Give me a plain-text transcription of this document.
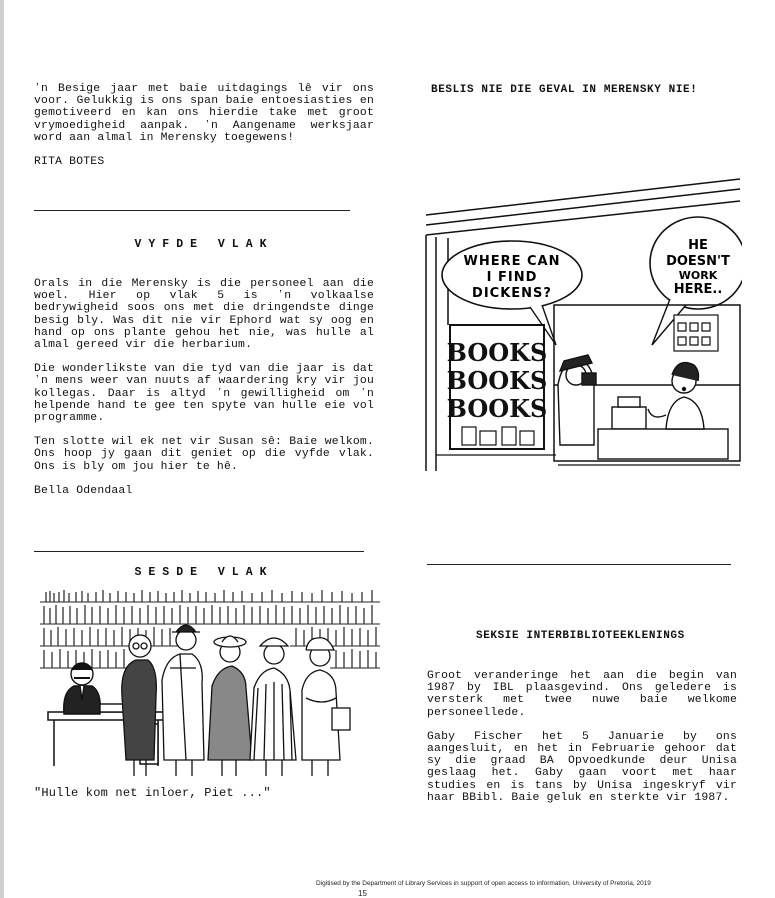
ʼn Besige jaar met baie uitdagings lê vir ons voor. Gelukkig is ons span baie entoesiasties en gemotiveerd en kan ons hierdie take met groot vrymoedigheid aanpak. ʼn Aangename werksjaar word aan almal in Merensky toegewens!

RITA BOTES

VYFDE VLAK

Orals in die Merensky is die personeel aan die woel. Hier op vlak 5 is ʼn volkaalse bedrywigheid soos ons met die dringendste dinge besig bly. Was dit nie vir Ephord wat sy oog en hand op ons plante gehou het nie, was hulle al almal gereed vir die herbarium.

Die wonderlikste van die tyd van die jaar is dat ʼn mens weer van nuuts af waardering kry vir jou kollegas. Daar is altyd ʼn gewilligheid om ʼn helpende hand te gee ten spyte van hulle eie vol programme.

Ten slotte wil ek net vir Susan sê: Baie welkom. Ons hoop jy gaan dit geniet op die vyfde vlak. Ons is bly om jou hier te hê.

Bella Odendaal

SESDE VLAK
"Hulle kom net inloer, Piet ..."
BESLIS NIE DIE GEVAL IN MERENSKY NIE!
WHERE CAN
I FIND
DICKENS?
HE
DOESN'T
WORK
HERE..
BOOKS
BOOKS
BOOKS
SEKSIE INTERBIBLIOTEEKLENINGS

Groot veranderinge het aan die begin van 1987 by IBL plaasgevind. Ons geledere is versterk met twee nuwe baie welkome personeellede.

Gaby Fischer het 5 Januarie by ons aangesluit, en het in Februarie gehoor dat sy die graad BA Opvoedkunde deur Unisa geslaag het. Gaby gaan voort met haar studies en is tans by Unisa ingeskryf vir haar BBibl. Baie geluk en sterkte vir 1987.

Digitised by the Department of Library Services in support of open access to information, University of Pretoria, 2019
15
